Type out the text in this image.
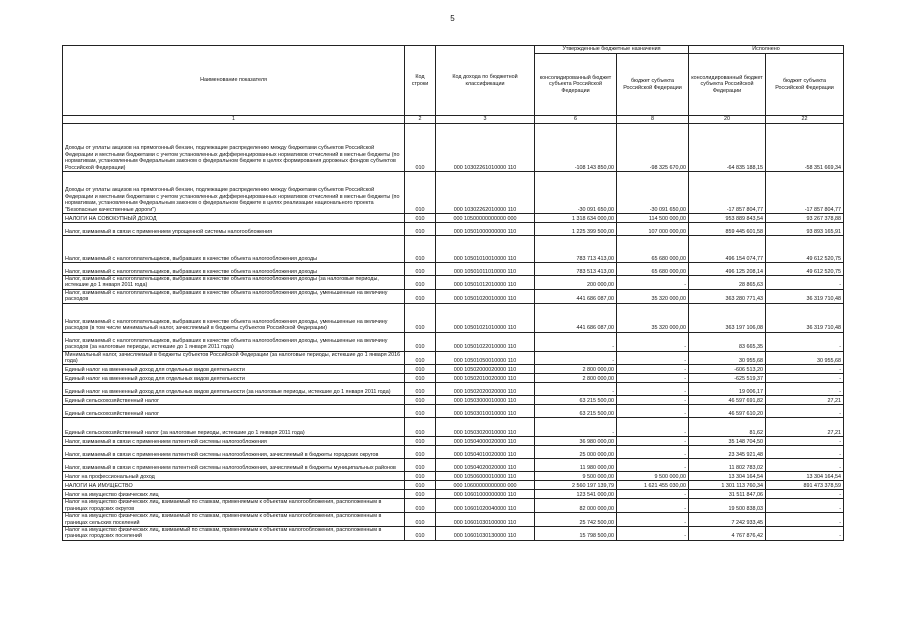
5
Наименование показателя	Код строки	Код дохода по бюджетной классификации	Утвержденные бюджетные назначения		Исполнено	
			консолидированный бюджет субъекта Российской Федерации	бюджет субъекта Российской Федерации	консолидированный бюджет субъекта Российской Федерации	бюджет субъекта Российской Федерации
1	2	3	6	8	20	22
Доходы от уплаты акцизов на прямогонный бензин, подлежащие распределению между бюджетами субъектов Российской Федерации и местными бюджетами с учетом установленных дифференцированных нормативов отчислений в местные бюджеты (по нормативам, установленным Федеральным законом о федеральном бюджете в целях формирования дорожных фондов субъектов Российской Федерации)	010	000 10302261010000 110	-108 143 850,00	-98 325 670,00	-64 835 188,15	-58 351 669,34
Доходы от уплаты акцизов на прямогонный бензин, подлежащие распределению между бюджетами субъектов Российской Федерации и местными бюджетами с учетом установленных дифференцированных нормативов отчислений в местные бюджеты (по нормативам, установленным Федеральным законом о федеральном бюджете в целях реализации национального проекта "Безопасные качественные дороги")	010	000 10302262010000 110	-30 091 650,00	-30 091 650,00	-17 857 804,77	-17 857 804,77
НАЛОГИ НА СОВОКУПНЫЙ ДОХОД	010	000 10500000000000 000	1 318 634 000,00	114 500 000,00	953 889 843,54	93 267 378,88
Налог, взимаемый в связи с применением упрощенной системы налогообложения	010	000 10501000000000 110	1 225 399 500,00	107 000 000,00	859 445 601,58	93 893 165,91
Налог, взимаемый с налогоплательщиков, выбравших в качестве объекта налогообложения доходы	010	000 10501010010000 110	783 713 413,00	65 680 000,00	496 154 074,77	49 612 520,75
Налог, взимаемый с налогоплательщиков, выбравших в качестве объекта налогообложения доходы	010	000 10501011010000 110	783 513 413,00	65 680 000,00	496 125 208,14	49 612 520,75
Налог, взимаемый с налогоплательщиков, выбравших в качестве объекта налогообложения доходы (за налоговые периоды, истекшие до 1 января 2011 года)	010	000 10501012010000 110	200 000,00	-	28 865,63	-
Налог, взимаемый с налогоплательщиков, выбравших в качестве объекта налогообложения доходы, уменьшенные на величину расходов	010	000 10501020010000 110	441 686 087,00	35 320 000,00	363 280 771,43	36 319 710,48
Налог, взимаемый с налогоплательщиков, выбравших в качестве объекта налогообложения доходы, уменьшенные на величину расходов (в том числе минимальный налог, зачисляемый в бюджеты субъектов Российской Федерации)	010	000 10501021010000 110	441 686 087,00	35 320 000,00	363 197 106,08	36 319 710,48
Налог, взимаемый с налогоплательщиков, выбравших в качестве объекта налогообложения доходы, уменьшенные на величину расходов (за налоговые периоды, истекшие до 1 января 2011 года)	010	000 10501022010000 110	-	-	83 665,35	-
Минимальный налог, зачисляемый в бюджеты субъектов Российской Федерации (за налоговые периоды, истекшие до 1 января 2016 года)	010	000 10501050010000 110	-	-	30 955,68	30 955,68
Единый налог на вмененный доход для отдельных видов деятельности	010	000 10502000020000 110	2 800 000,00	-	-606 513,20	-
Единый налог на вмененный доход для отдельных видов деятельности	010	000 10502010020000 110	2 800 000,00	-	-625 519,37	-
Единый налог на вмененный доход для отдельных видов деятельности (за налоговые периоды, истекшие до 1 января 2011 года)	010	000 10502020020000 110	-	-	19 006,17	-
Единый сельскохозяйственный налог	010	000 10503000010000 110	63 215 500,00	-	46 597 691,82	27,21
Единый сельскохозяйственный налог	010	000 10503010010000 110	63 215 500,00	-	46 597 610,20	-
Единый сельскохозяйственный налог (за налоговые периоды, истекшие до 1 января 2011 года)	010	000 10503020010000 110	-	-	81,62	27,21
Налог, взимаемый в связи с применением патентной системы налогообложения	010	000 10504000020000 110	36 980 000,00	-	35 148 704,50	-
Налог, взимаемый в связи с применением патентной системы налогообложения, зачисляемый в бюджеты городских округов	010	000 10504010020000 110	25 000 000,00	-	23 345 921,48	-
Налог, взимаемый в связи с применением патентной системы налогообложения, зачисляемый в бюджеты муниципальных районов	010	000 10504020020000 110	11 980 000,00	-	11 802 783,02	-
Налог на профессиональный доход	010	000 10506000010000 110	9 500 000,00	9 500 000,00	13 304 164,54	13 304 164,54
НАЛОГИ НА ИМУЩЕСТВО	010	000 10600000000000 000	2 560 197 139,79	1 621 455 030,00	1 301 113 760,34	891 473 378,59
Налог на имущество физических лиц	010	000 10601000000000 110	123 541 000,00	-	31 511 847,06	-
Налог на имущество физических лиц, взимаемый по ставкам, применяемым к объектам налогообложения, расположенным в границах городских округов	010	000 10601020040000 110	82 000 000,00	-	19 500 838,03	-
Налог на имущество физических лиц, взимаемый по ставкам, применяемым к объектам налогообложения, расположенным в границах сельских поселений	010	000 10601030100000 110	25 742 500,00	-	7 242 933,45	-
Налог на имущество физических лиц, взимаемый по ставкам, применяемым к объектам налогообложения, расположенным в границах городских поселений	010	000 10601030130000 110	15 798 500,00	-	4 767 876,42	-
